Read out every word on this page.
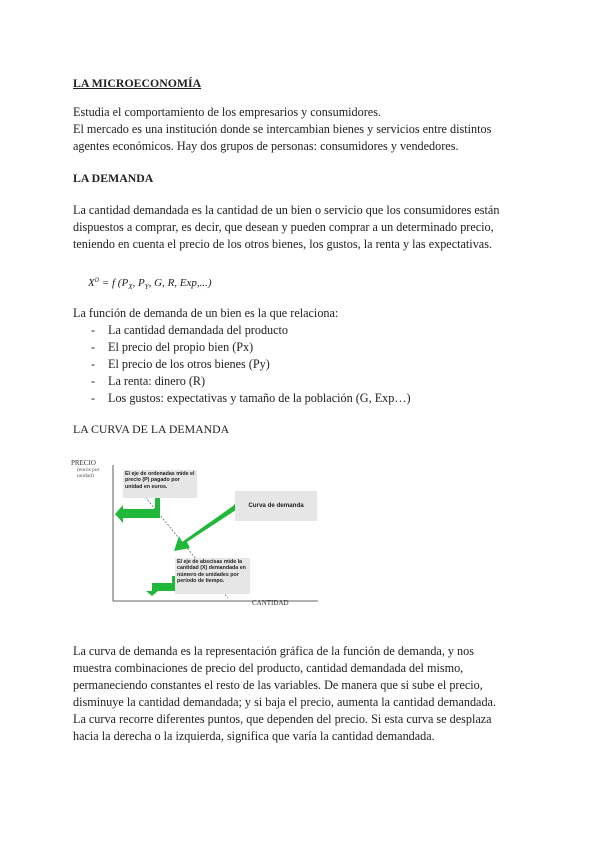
LA MICROECONOMÍA
Estudia el comportamiento de los empresarios y consumidores.
El mercado es una institución donde se intercambian bienes y servicios entre distintos
agentes económicos. Hay dos grupos de personas: consumidores y vendedores.
LA DEMANDA
La cantidad demandada es la cantidad de un bien o servicio que los consumidores están
dispuestos a comprar, es decir, que desean y pueden comprar a un determinado precio,
teniendo en cuenta el precio de los otros bienes, los gustos, la renta y las expectativas.
$X^D = f$ ($P_X$, $P_Y$, G, R, Exp,...)
La función de demanda de un bien es la que relaciona:
- La cantidad demandada del producto
- El precio del propio bien (Px)
- El precio de los otros bienes (Py)
- La renta: dinero (R)
- Los gustos: expectativas y tamaño de la población (G, Exp…)
LA CURVA DE LA DEMANDA
PRECIO
(euros por unidad)
CANTIDAD
El eje de ordenadas mide el precio (P) pagado por unidad en euros.
Curva de demanda
El eje de abscisas mide la cantidad (X) demandada en número de unidades por período de tiempo.
La curva de demanda es la representación gráfica de la función de demanda, y nos
muestra combinaciones de precio del producto, cantidad demandada del mismo,
permaneciendo constantes el resto de las variables. De manera que si sube el precio,
disminuye la cantidad demandada; y si baja el precio, aumenta la cantidad demandada.
La curva recorre diferentes puntos, que dependen del precio. Si esta curva se desplaza
hacia la derecha o la izquierda, significa que varía la cantidad demandada.
